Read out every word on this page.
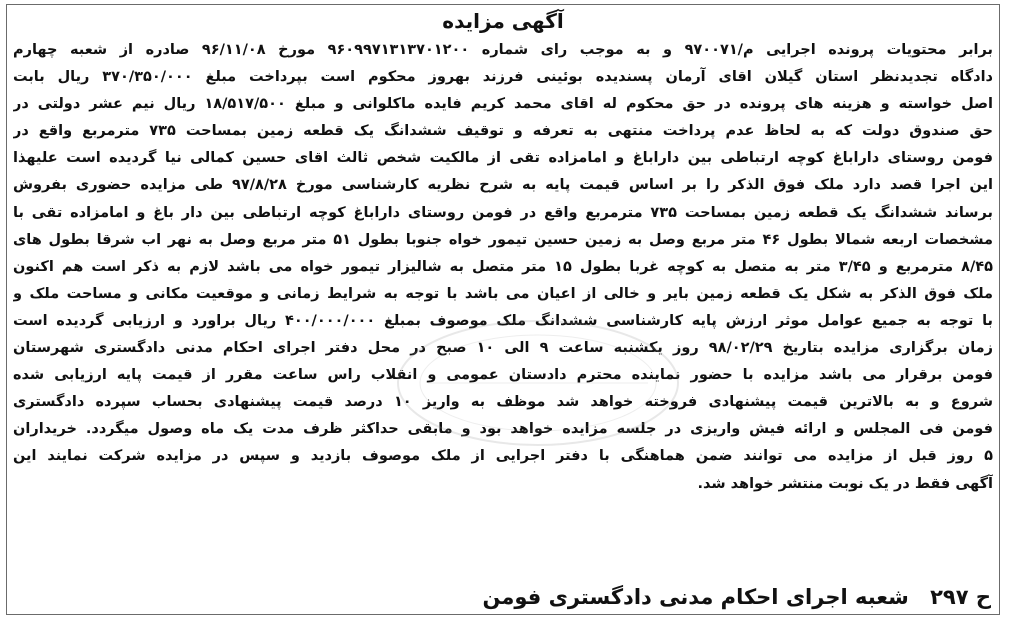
آگهی مزایده
برابر محتویات پرونده اجرایی م/۹۷۰۰۷۱ و به موجب رای شماره ۹۶۰۹۹۷۱۳۱۳۷۰۱۲۰۰ مورخ ۹۶/۱۱/۰۸ صادره از شعبه چهارم
دادگاه تجدیدنظر استان گیلان اقای آرمان پسندیده بوئینی فرزند بهروز محکوم است بپرداخت مبلغ ۳۷۰/۳۵۰/۰۰۰ ریال بابت
اصل خواسته و هزینه های پرونده در حق محکوم له اقای محمد کریم فایده ماکلوانی و مبلغ ۱۸/۵۱۷/۵۰۰ ریال نیم عشر دولتی در
حق صندوق دولت که به لحاظ عدم پرداخت منتهی به تعرفه و توقیف ششدانگ یک قطعه زمین بمساحت ۷۳۵ مترمربع واقع در
فومن روستای داراباغ کوچه ارتباطی بین داراباغ و امامزاده تقی از مالکیت شخص ثالث اقای حسین کمالی نیا گردیده است علیهذا
این اجرا قصد دارد ملک فوق الذکر را بر اساس قیمت پایه به شرح نظریه کارشناسی مورخ ۹۷/۸/۲۸ طی مزایده حضوری بفروش
برساند ششدانگ یک قطعه زمین بمساحت ۷۳۵ مترمربع واقع در فومن روستای داراباغ کوچه ارتباطی بین دار باغ و امامزاده تقی با
مشخصات اربعه شمالا بطول ۴۶ متر مربع وصل به زمین حسین تیمور خواه جنوبا بطول ۵۱ متر مربع وصل به نهر اب شرقا بطول های
۸/۴۵ مترمربع و ۳/۴۵ متر به متصل به کوچه غربا بطول ۱۵ متر متصل به شالیزار تیمور خواه می باشد لازم به ذکر است هم اکنون
ملک فوق الذکر به شکل یک قطعه زمین بایر و خالی از اعیان می باشد با توجه به شرایط زمانی و موقعیت مکانی و مساحت ملک و
با توجه به جمیع عوامل موثر ارزش پایه کارشناسی ششدانگ ملک موصوف بمبلغ ۴۰۰/۰۰۰/۰۰۰ ریال براورد و ارزیابی گردیده است
زمان برگزاری مزایده بتاریخ ۹۸/۰۲/۲۹ روز یکشنبه ساعت ۹ الی ۱۰ صبح در محل دفتر اجرای احکام مدنی دادگستری شهرستان
فومن برقرار می باشد مزایده با حضور نماینده محترم دادستان عمومی و انقلاب راس ساعت مقرر از قیمت پایه ارزیابی شده
شروع و به بالاترین قیمت پیشنهادی فروخته خواهد شد موظف به واریز ۱۰ درصد قیمت پیشنهادی بحساب سپرده دادگستری
فومن فی المجلس و ارائه فیش واریزی در جلسه مزایده خواهد بود و مابقی حداکثر ظرف مدت یک ماه وصول میگردد. خریداران
۵ روز قبل از مزایده می توانند ضمن هماهنگی با دفتر اجرایی از ملک موصوف بازدید و سپس در مزایده شرکت نمایند این
آگهی فقط در یک نوبت منتشر خواهد شد.
ح ۲۹۷ شعبه اجرای احکام مدنی دادگستری فومن
